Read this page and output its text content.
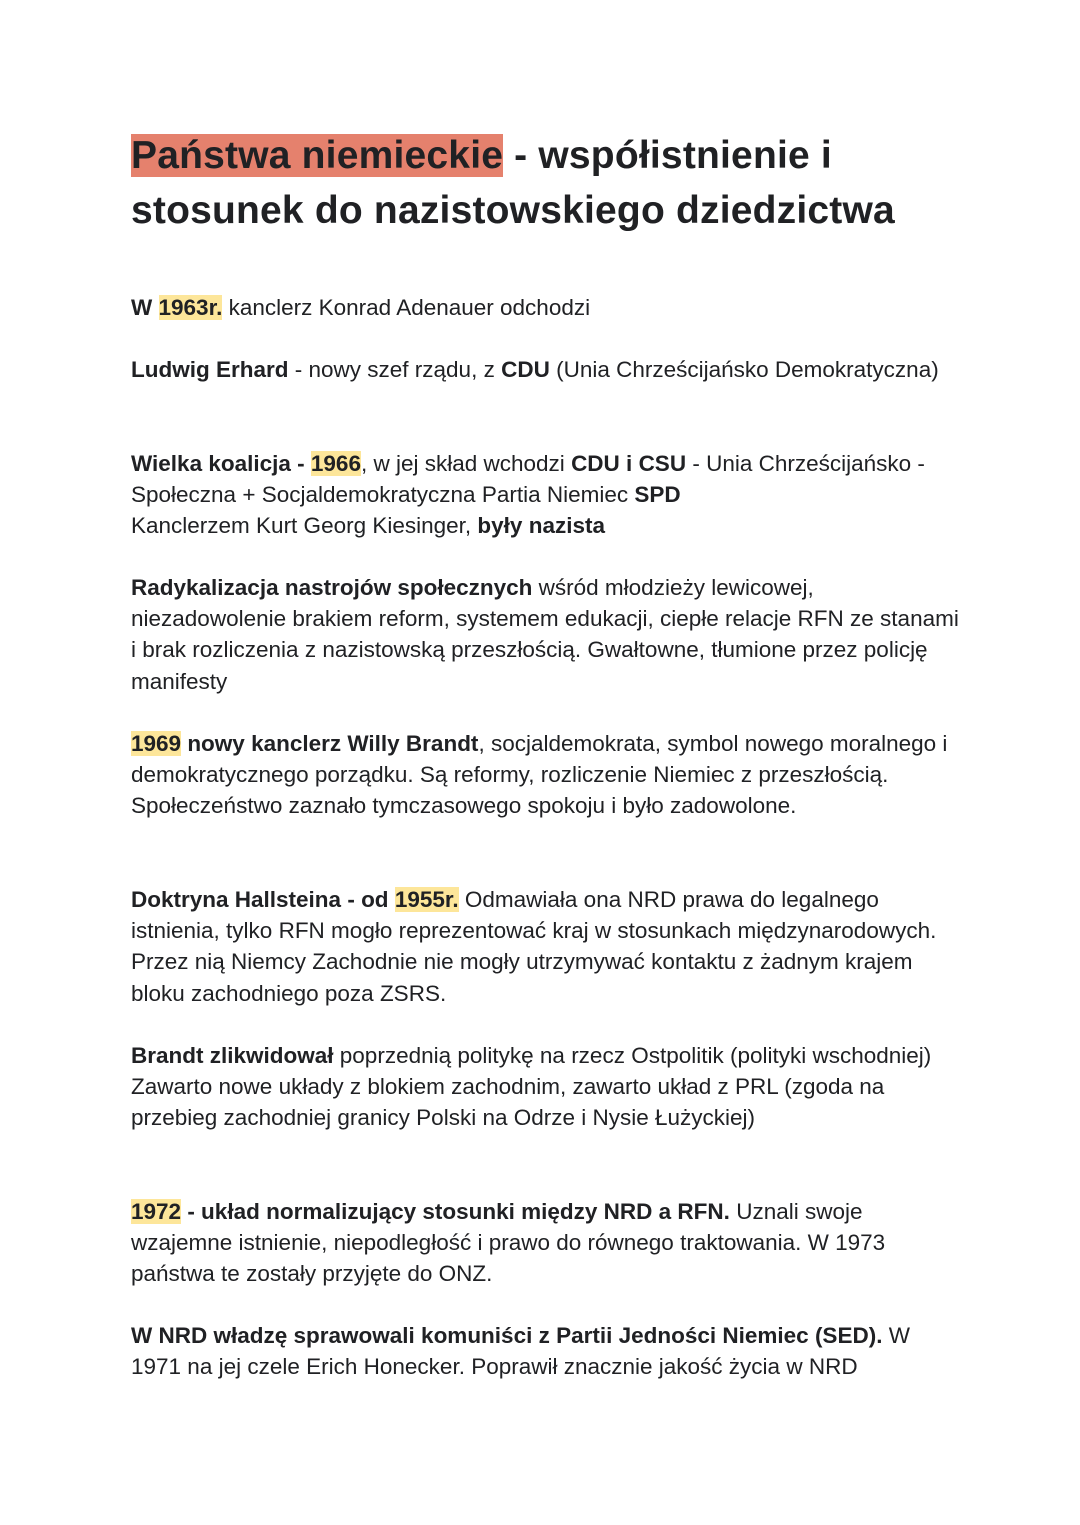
Państwa niemieckie - współistnienie i
stosunek do nazistowskiego dziedzictwa

W 1963r. kanclerz Konrad Adenauer odchodzi

Ludwig Erhard - nowy szef rządu, z CDU (Unia Chrześcijańsko Demokratyczna)

Wielka koalicja - 1966, w jej skład wchodzi CDU i CSU - Unia Chrześcijańsko - Społeczna + Socjaldemokratyczna Partia Niemiec SPD
Kanclerzem Kurt Georg Kiesinger, były nazista

Radykalizacja nastrojów społecznych wśród młodzieży lewicowej, niezadowolenie brakiem reform, systemem edukacji, ciepłe relacje RFN ze stanami i brak rozliczenia z nazistowską przeszłością. Gwałtowne, tłumione przez policję manifesty

1969 nowy kanclerz Willy Brandt, socjaldemokrata, symbol nowego moralnego i demokratycznego porządku. Są reformy, rozliczenie Niemiec z przeszłością. Społeczeństwo zaznało tymczasowego spokoju i było zadowolone.

Doktryna Hallsteina - od 1955r. Odmawiała ona NRD prawa do legalnego istnienia, tylko RFN mogło reprezentować kraj w stosunkach międzynarodowych. Przez nią Niemcy Zachodnie nie mogły utrzymywać kontaktu z żadnym krajem bloku zachodniego poza ZSRS.

Brandt zlikwidował poprzednią politykę na rzecz Ostpolitik (polityki wschodniej)
Zawarto nowe układy z blokiem zachodnim, zawarto układ z PRL (zgoda na przebieg zachodniej granicy Polski na Odrze i Nysie Łużyckiej)

1972 - układ normalizujący stosunki między NRD a RFN. Uznali swoje wzajemne istnienie, niepodległość i prawo do równego traktowania. W 1973 państwa te zostały przyjęte do ONZ.

W NRD władzę sprawowali komuniści z Partii Jedności Niemiec (SED). W 1971 na jej czele Erich Honecker. Poprawił znacznie jakość życia w NRD
